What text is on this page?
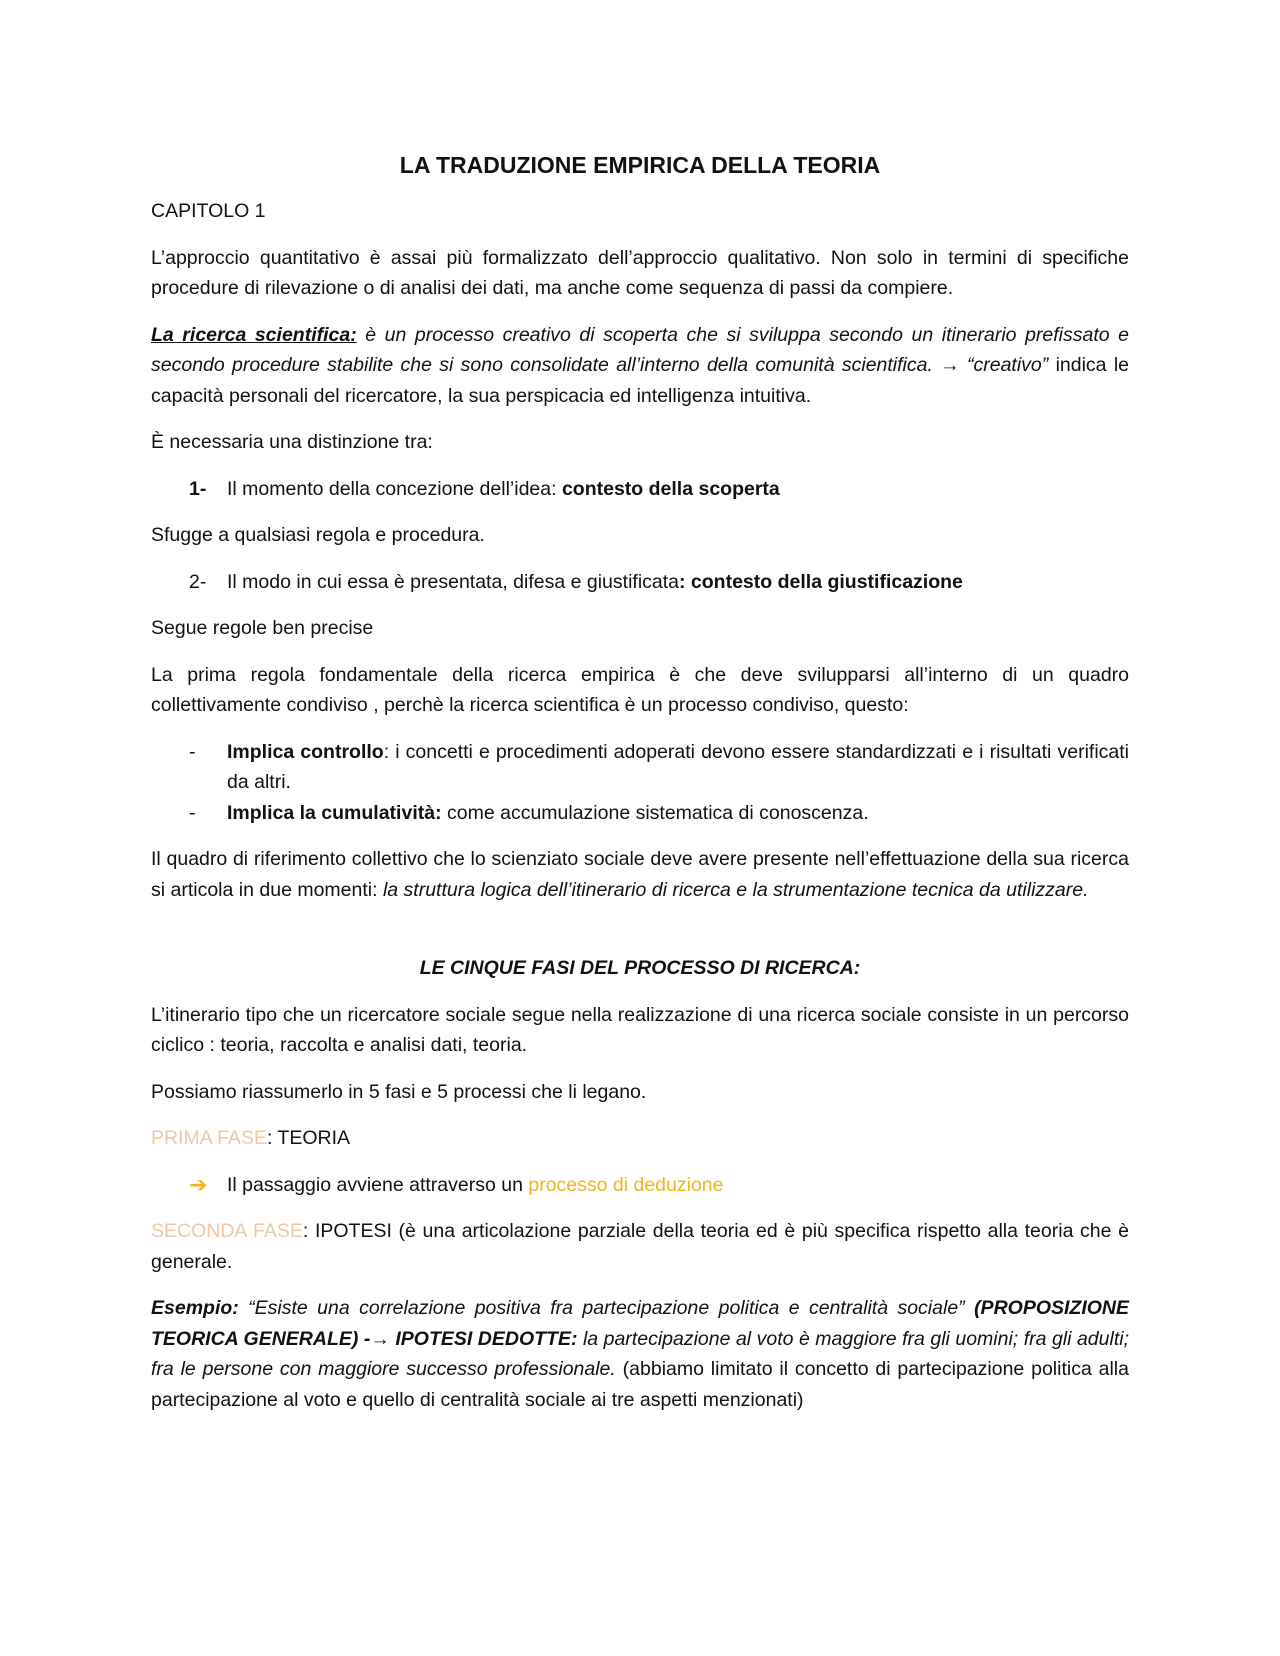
LA TRADUZIONE EMPIRICA DELLA TEORIA

CAPITOLO 1

L’approccio quantitativo è assai più formalizzato dell’approccio qualitativo. Non solo in termini di specifiche procedure di rilevazione o di analisi dei dati, ma anche come sequenza di passi da compiere.

La ricerca scientifica: è un processo creativo di scoperta che si sviluppa secondo un itinerario prefissato e secondo procedure stabilite che si sono consolidate all’interno della comunità scientifica. → “creativo” indica le capacità personali del ricercatore, la sua perspicacia ed intelligenza intuitiva.

È necessaria una distinzione tra:

1-	Il momento della concezione dell’idea: contesto della scoperta

Sfugge a qualsiasi regola e procedura.

2-	Il modo in cui essa è presentata, difesa e giustificata: contesto della giustificazione

Segue regole ben precise

La prima regola fondamentale della ricerca empirica è che deve svilupparsi all’interno di un quadro collettivamente condiviso , perchè la ricerca scientifica è un processo condiviso, questo:

-	Implica controllo: i concetti e procedimenti adoperati devono essere standardizzati e i risultati verificati da altri.
-	Implica la cumulatività: come accumulazione sistematica di conoscenza.

Il quadro di riferimento collettivo che lo scienziato sociale deve avere presente nell’effettuazione della sua ricerca si articola in due momenti: la struttura logica dell’itinerario di ricerca e la strumentazione tecnica da utilizzare.

LE CINQUE FASI DEL PROCESSO DI RICERCA:

L’itinerario tipo che un ricercatore sociale segue nella realizzazione di una ricerca sociale consiste in un percorso ciclico : teoria, raccolta e analisi dati, teoria.

Possiamo riassumerlo in 5 fasi e 5 processi che li legano.

PRIMA FASE: TEORIA

➔	Il passaggio avviene attraverso un processo di deduzione

SECONDA FASE: IPOTESI (è una articolazione parziale della teoria ed è più specifica rispetto alla teoria che è generale.

Esempio: “Esiste una correlazione positiva fra partecipazione politica e centralità sociale” (PROPOSIZIONE TEORICA GENERALE) -→ IPOTESI DEDOTTE: la partecipazione al voto è maggiore fra gli uomini; fra gli adulti; fra le persone con maggiore successo professionale. (abbiamo limitato il concetto di partecipazione politica alla partecipazione al voto e quello di centralità sociale ai tre aspetti menzionati)
